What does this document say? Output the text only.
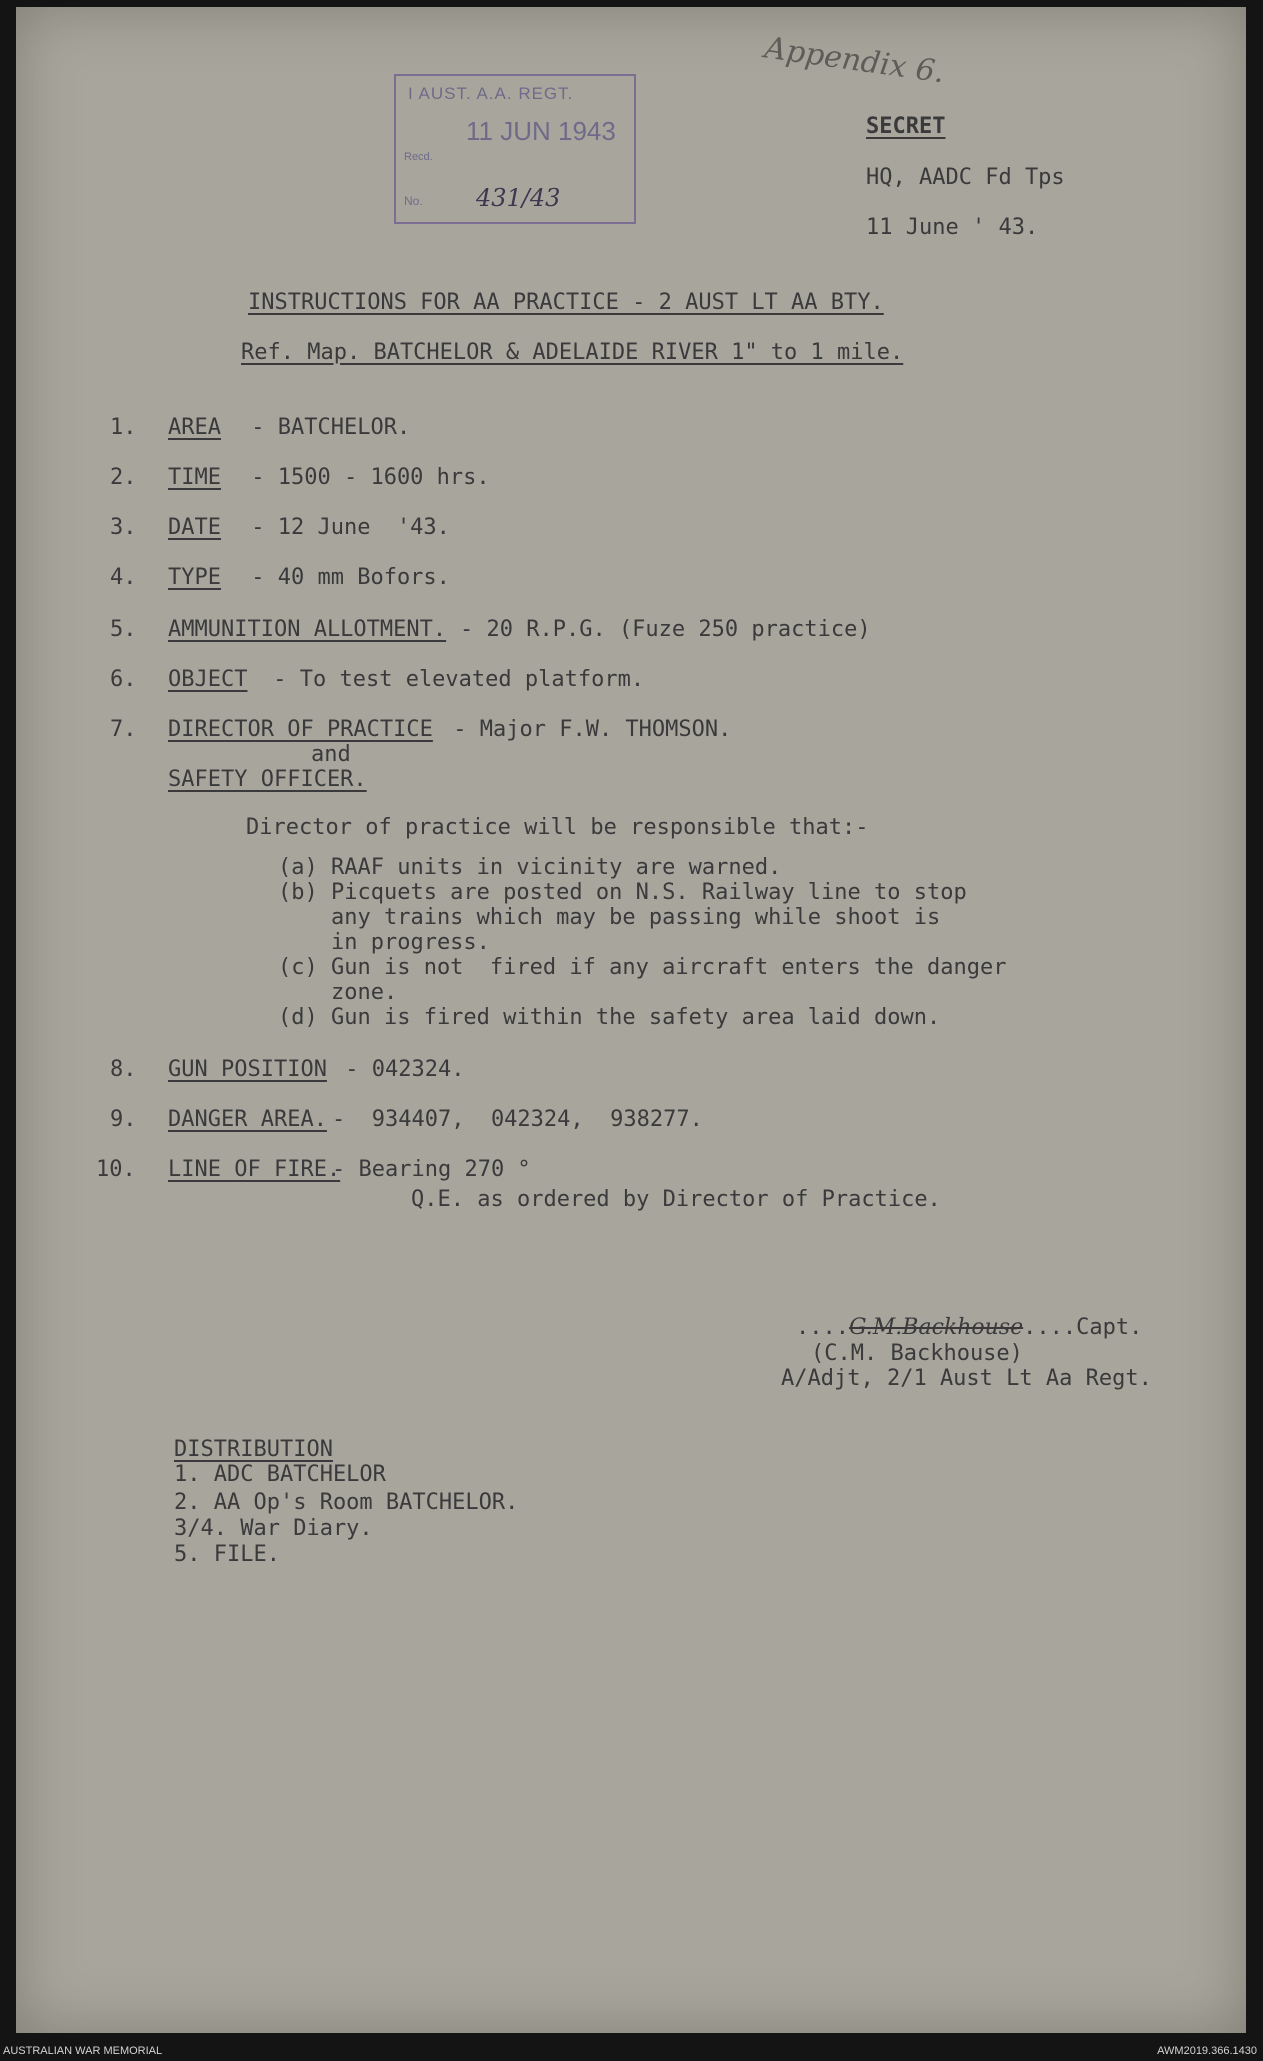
Appendix 6.
I AUST. A.A. REGT.
11 JUN 1943
Recd.
No. 431/43
SECRET
HQ, AADC Fd Tps
11 June ' 43.
INSTRUCTIONS FOR AA PRACTICE - 2 AUST LT AA BTY.
Ref. Map. BATCHELOR & ADELAIDE RIVER 1" to 1 mile.
1. AREA - BATCHELOR.
2. TIME - 1500 - 1600 hrs.
3. DATE - 12 June  '43.
4. TYPE - 40 mm Bofors.
5. AMMUNITION ALLOTMENT. - 20 R.P.G. (Fuze 250 practice)
6. OBJECT - To test elevated platform.
7. DIRECTOR OF PRACTICE - Major F.W. THOMSON.
and
SAFETY OFFICER.
Director of practice will be responsible that:-
(a) RAAF units in vicinity are warned.
(b) Picquets are posted on N.S. Railway line to stop
any trains which may be passing while shoot is
in progress.
(c) Gun is not  fired if any aircraft enters the danger
zone.
(d) Gun is fired within the safety area laid down.
8. GUN POSITION - 042324.
9. DANGER AREA. -  934407,  042324,  938277.
10. LINE OF FIRE.
- Bearing 270 °
Q.E. as ordered by Director of Practice.
....G.M.Backhouse....Capt.
(C.M. Backhouse)
A/Adjt, 2/1 Aust Lt Aa Regt.
DISTRIBUTION
1. ADC BATCHELOR
2. AA Op's Room BATCHELOR.
3/4. War Diary.
5. FILE.
AUSTRALIAN WAR MEMORIAL	AWM2019.366.1430
